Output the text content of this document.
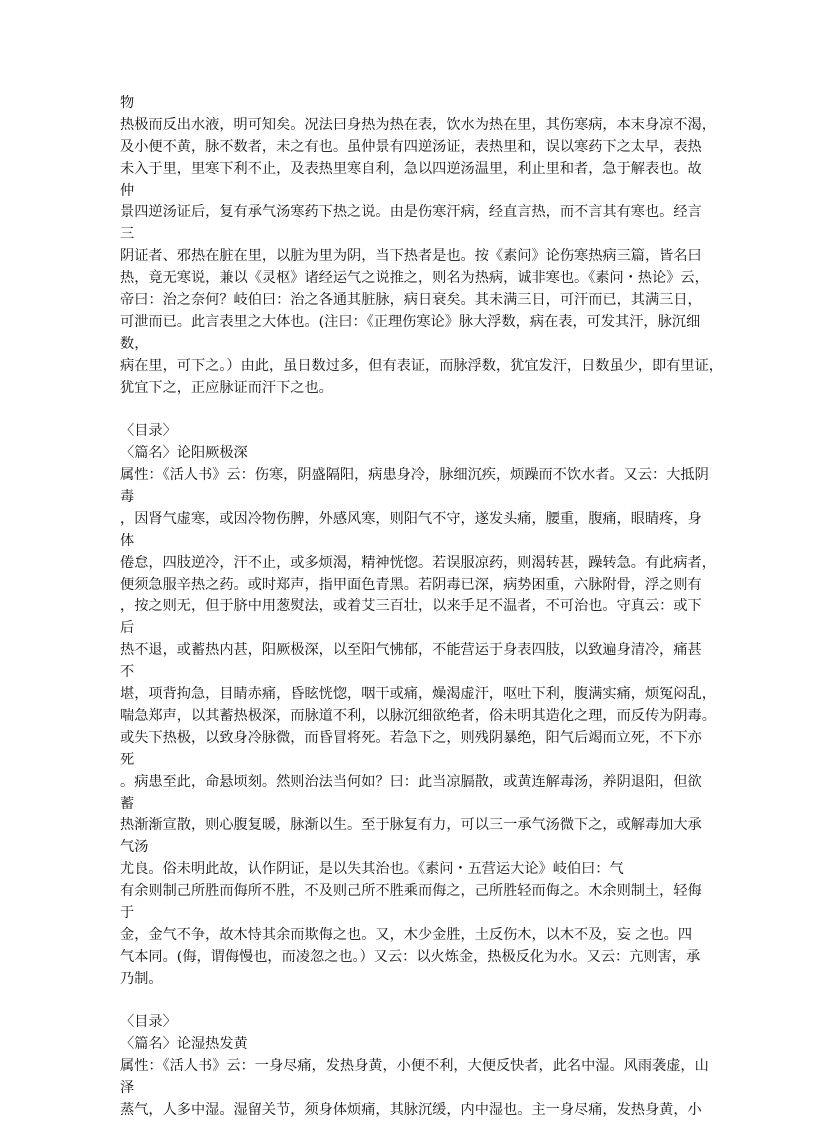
物
热极而反出水液，明可知矣。况法曰身热为热在表，饮水为热在里，其伤寒病，本末身凉不渴，
及小便不黄，脉不数者，未之有也。虽仲景有四逆汤证，表热里和，误以寒药下之太早，表热
未入于里，里寒下利不止，及表热里寒自利，急以四逆汤温里，利止里和者，急于解表也。故
仲
景四逆汤证后，复有承气汤寒药下热之说。由是伤寒汗病，经直言热，而不言其有寒也。经言
三
阴证者、邪热在脏在里，以脏为里为阴，当下热者是也。按《素问》论伤寒热病三篇，皆名曰
热，竟无寒说，兼以《灵枢》诸经运气之说推之，则名为热病，诚非寒也。《素问・热论》云，
帝曰：治之奈何？岐伯曰：治之各通其脏脉，病日衰矣。其未满三日，可汗而已，其满三日，
可泄而已。此言表里之大体也。(注曰：《正理伤寒论》脉大浮数，病在表，可发其汗，脉沉细
数，
病在里，可下之。）由此，虽日数过多，但有表证，而脉浮数，犹宜发汗，日数虽少，即有里证，
犹宜下之，正应脉证而汗下之也。
〈目录〉
〈篇名〉论阳厥极深
属性：《活人书》云：伤寒，阴盛隔阳，病患身冷，脉细沉疾，烦躁而不饮水者。又云：大抵阴
毒
，因肾气虚寒，或因冷物伤脾，外感风寒，则阳气不守，遂发头痛，腰重，腹痛，眼睛疼，身
体
倦怠，四肢逆冷，汗不止，或多烦渴，精神恍惚。若误服凉药，则渴转甚，躁转急。有此病者，
便须急服辛热之药。或时郑声，指甲面色青黑。若阴毒已深，病势困重，六脉附骨，浮之则有
，按之则无，但于脐中用葱熨法，或着艾三百壮，以来手足不温者，不可治也。守真云：或下
后
热不退，或蓄热内甚，阳厥极深，以至阳气怫郁，不能营运于身表四肢，以致遍身清冷，痛甚
不
堪，项背拘急，目睛赤痛，昏眩恍惚，咽干或痛，燥渴虚汗，呕吐下利，腹满实痛，烦冤闷乱，
喘急郑声，以其蓄热极深，而脉道不利，以脉沉细欲绝者，俗未明其造化之理，而反传为阴毒。
或失下热极，以致身冷脉微，而昏冒将死。若急下之，则残阴暴绝，阳气后竭而立死，不下亦
死
。病患至此，命悬顷刻。然则治法当何如？曰：此当凉膈散，或黄连解毒汤，养阴退阳，但欲
蓄
热渐渐宣散，则心腹复暖，脉渐以生。至于脉复有力，可以三一承气汤微下之，或解毒加大承
气汤
尤良。俗未明此故，认作阴证，是以失其治也。《素问・五营运大论》岐伯曰：气
有余则制己所胜而侮所不胜，不及则己所不胜乘而侮之，己所胜轻而侮之。木余则制土，轻侮
于
金，金气不争，故木恃其余而欺侮之也。又，木少金胜，土反伤木，以木不及，妄 之也。四
气本同。(侮，谓侮慢也，而凌忽之也。）又云：以火炼金，热极反化为水。又云：亢则害，承
乃制。
〈目录〉
〈篇名〉论湿热发黄
属性：《活人书》云：一身尽痛，发热身黄，小便不利，大便反快者，此名中湿。风雨袭虚，山
泽
蒸气，人多中湿。湿留关节，须身体烦痛，其脉沉缓，内中湿也。主一身尽痛，发热身黄，小
